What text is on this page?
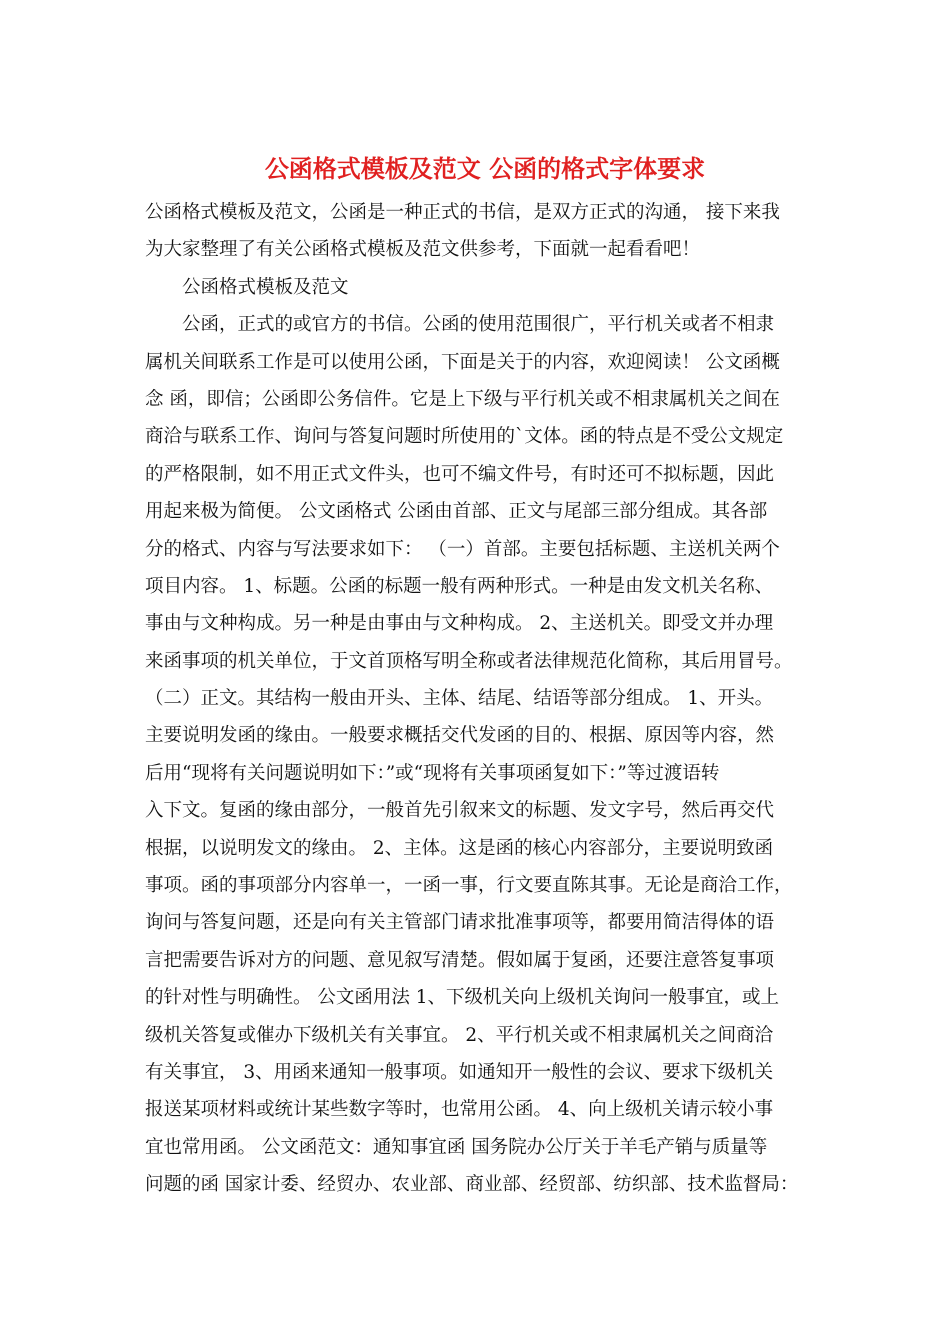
公函格式模板及范文 公函的格式字体要求
公函格式模板及范文，公函是一种正式的书信，是双方正式的沟通， 接下来我
为大家整理了有关公函格式模板及范文供参考，下面就一起看看吧！
公函格式模板及范文
公函，正式的或官方的书信。公函的使用范围很广，平行机关或者不相隶
属机关间联系工作是可以使用公函，下面是关于的内容，欢迎阅读！ 公文函概
念 函，即信；公函即公务信件。它是上下级与平行机关或不相隶属机关之间在
商洽与联系工作、询问与答复问题时所使用的`文体。函的特点是不受公文规定
的严格限制，如不用正式文件头，也可不编文件号，有时还可不拟标题，因此
用起来极为简便。 公文函格式 公函由首部、正文与尾部三部分组成。其各部
分的格式、内容与写法要求如下： （一）首部。主要包括标题、主送机关两个
项目内容。 1、标题。公函的标题一般有两种形式。一种是由发文机关名称、
事由与文种构成。另一种是由事由与文种构成。 2、主送机关。即受文并办理
来函事项的机关单位，于文首顶格写明全称或者法律规范化简称，其后用冒号。
（二）正文。其结构一般由开头、主体、结尾、结语等部分组成。 1、开头。
主要说明发函的缘由。一般要求概括交代发函的目的、根据、原因等内容，然
后用“现将有关问题说明如下：”或“现将有关事项函复如下：”等过渡语转
入下文。复函的缘由部分，一般首先引叙来文的标题、发文字号，然后再交代
根据，以说明发文的缘由。 2、主体。这是函的核心内容部分，主要说明致函
事项。函的事项部分内容单一，一函一事，行文要直陈其事。无论是商洽工作，
询问与答复问题，还是向有关主管部门请求批准事项等，都要用简洁得体的语
言把需要告诉对方的问题、意见叙写清楚。假如属于复函，还要注意答复事项
的针对性与明确性。 公文函用法 1、下级机关向上级机关询问一般事宜，或上
级机关答复或催办下级机关有关事宜。 2、平行机关或不相隶属机关之间商洽
有关事宜， 3、用函来通知一般事项。如通知开一般性的会议、要求下级机关
报送某项材料或统计某些数字等时，也常用公函。 4、向上级机关请示较小事
宜也常用函。 公文函范文：通知事宜函 国务院办公厅关于羊毛产销与质量等
问题的函 国家计委、经贸办、农业部、商业部、经贸部、纺织部、技术监督局：
